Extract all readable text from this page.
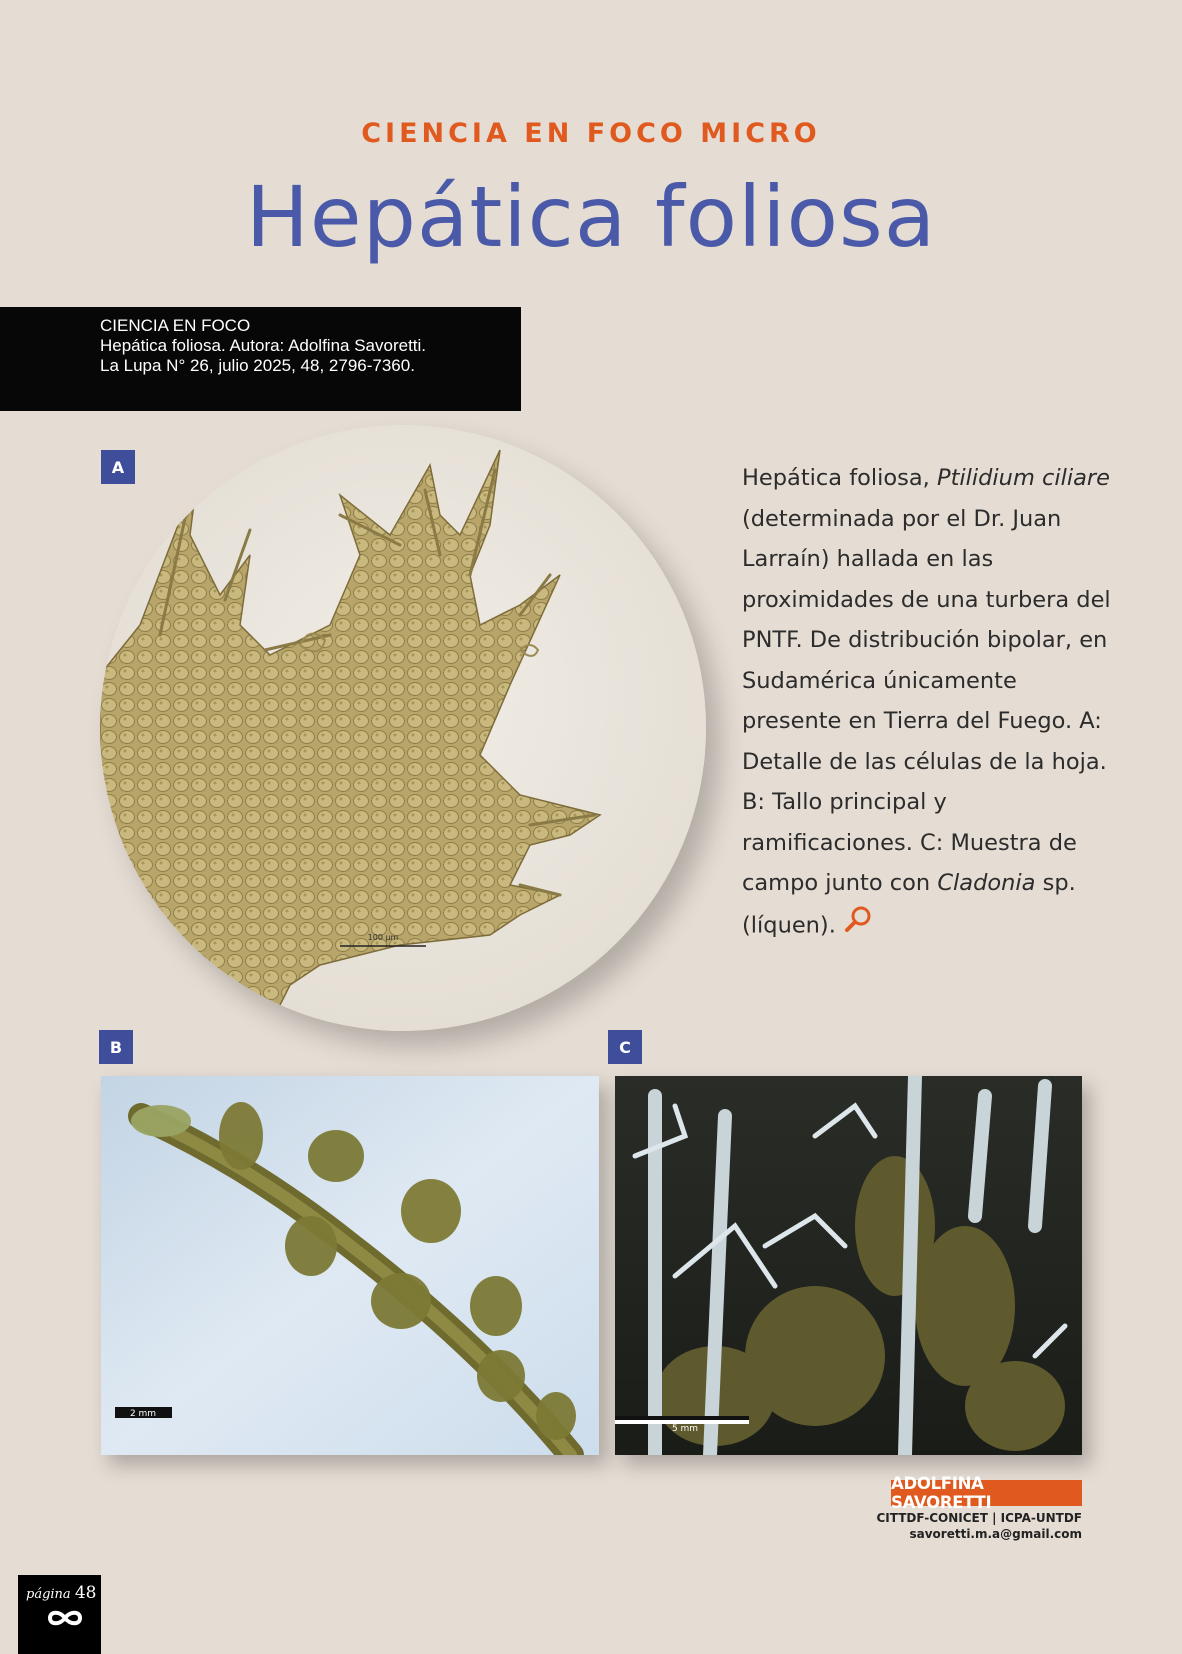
CIENCIA EN FOCO MICRO
Hepática foliosa
CIENCIA EN FOCO
Hepática foliosa. Autora: Adolfina Savoretti.
La Lupa N° 26, julio 2025, 48, 2796-7360.
A
100 µm

Hepática foliosa, Ptilidium ciliare (determinada por el Dr. Juan Larraín) hallada en las proximidades de una turbera del PNTF. De distribución bipolar, en Sudamérica únicamente presente en Tierra del Fuego. A: Detalle de las células de la hoja. B: Tallo principal y ramificaciones. C: Muestra de campo junto con Cladonia sp. (líquen).

B
2 mm
C
5 mm
ADOLFINA SAVORETTI
CITTDF-CONICET | ICPA-UNTDF
savoretti.m.a@gmail.com
página 48
